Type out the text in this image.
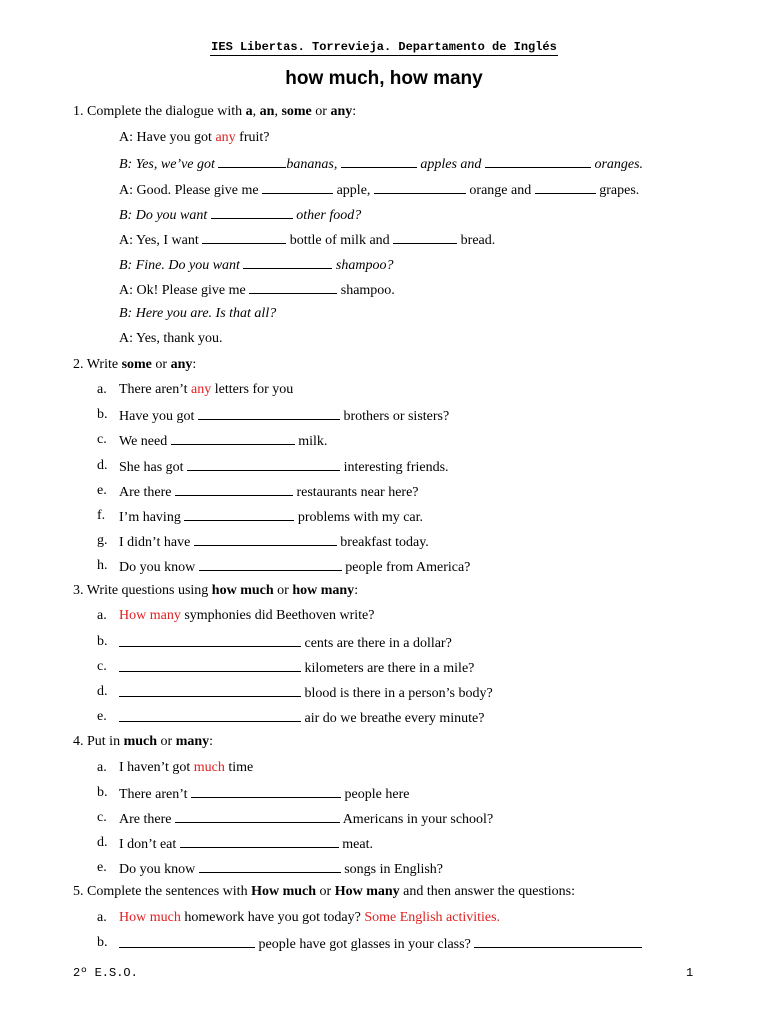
IES Libertas. Torrevieja. Departamento de Inglés
how much, how many
1. Complete the dialogue with a, an, some or any:
A: Have you got any fruit?
B: Yes, we’ve got	bananas,	apples and	oranges.
A: Good. Please give me	apple,	orange and	grapes.
B: Do you want	other food?
A: Yes, I want	bottle of milk and	bread.
B: Fine. Do you want	shampoo?
A: Ok! Please give me	shampoo.
B: Here you are. Is that all?
A: Yes, thank you.
2. Write some or any:
a. There aren’t any letters for you
b. Have you got	brothers or sisters?
c. We need	milk.
d. She has got	interesting friends.
e. Are there	restaurants near here?
f. I’m having	problems with my car.
g. I didn’t have	breakfast today.
h. Do you know	people from America?
3. Write questions using how much or how many:
a. How many symphonies did Beethoven write?
b.	cents are there in a dollar?
c.	kilometers are there in a mile?
d.	blood is there in a person’s body?
e.	air do we breathe every minute?
4. Put in much or many:
a. I haven’t got much time
b. There aren’t	people here
c. Are there	Americans in your school?
d. I don’t eat	meat.
e. Do you know	songs in English?
5. Complete the sentences with How much or How many and then answer the questions:
a. How much homework have you got today? Some English activities.
b.	people have got glasses in your class?
2º E.S.O.	1
